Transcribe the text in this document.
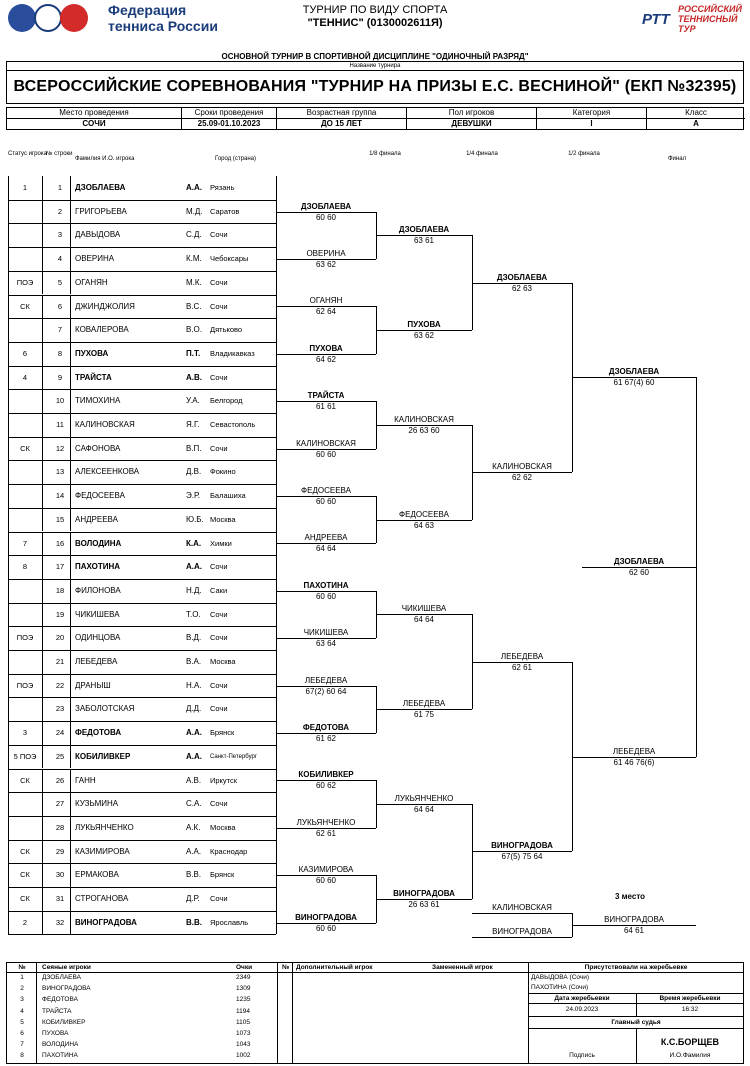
Федерация
тенниса России
ТУРНИР ПО ВИДУ СПОРТА
"ТЕННИС" (0130002611Я)	РТТ
РОССИЙСКИЙ
ТЕННИСНЫЙ
ТУР
ОСНОВНОЙ ТУРНИР В СПОРТИВНОЙ ДИСЦИПЛИНЕ "ОДИНОЧНЫЙ РАЗРЯД"
Название турнира
ВСЕРОССИЙСКИЕ СОРЕВНОВАНИЯ "ТУРНИР НА ПРИЗЫ Е.С. ВЕСНИНОЙ" (ЕКП №32395)
Место проведения
СОЧИ
Сроки проведения
25.09-01.10.2023
Возрастная группа
ДО 15 ЛЕТ
Пол игроков
ДЕВУШКИ
Категория
I
Класс
А
Статус игрока № строки
Фамилия И.О. игрока	Город (страна)
1/8 финала	1/4 финала	1/2 финала
Финал
1	1	ДЗОБЛАЕВА	А.А. Рязань
2	ГРИГОРЬЕВА	М.Д. Саратов
3	ДАВЫДОВА	С.Д. Сочи
4	ОВЕРИНА	К.М. Чебоксары
ПОЭ	5	ОГАНЯН	М.К. Сочи
СК	6	ДЖИНДЖОЛИЯ	В.С. Сочи
7	КОВАЛЕРОВА	В.О. Дятьково
6	8	ПУХОВА	П.Т. Владикавказ
4	9	ТРАЙСТА	А.В. Сочи
10	ТИМОХИНА	У.А. Белгород
11	КАЛИНОВСКАЯ	Я.Г. Севастополь
СК	12	САФОНОВА	В.П. Сочи
13	АЛЕКСЕЕНКОВА	Д.В. Фокино
14	ФЕДОСЕЕВА	Э.Р. Балашиха
15	АНДРЕЕВА	Ю.Б. Москва
7	16	ВОЛОДИНА	К.А. Химки
8	17	ПАХОТИНА	А.А. Сочи
18	ФИЛОНОВА	Н.Д. Саки
19	ЧИКИШЕВА	Т.О. Сочи
ПОЭ	20	ОДИНЦОВА	В.Д. Сочи
21	ЛЕБЕДЕВА	В.А. Москва
ПОЭ	22	ДРАНЫШ	Н.А. Сочи
23	ЗАБОЛОТСКАЯ	Д.Д. Сочи
3	24	ФЕДОТОВА	А.А. Брянск
5 ПОЭ	25	КОБИЛИВКЕР	А.А. Санкт-Петербург
СК	26	ГАНН	А.В. Иркутск
27	КУЗЬМИНА	С.А. Сочи
28	ЛУКЬЯНЧЕНКО	А.К. Москва
СК	29	КАЗИМИРОВА	А.А. Краснодар
СК	30	ЕРМАКОВА	В.В. Брянск
СК	31	СТРОГАНОВА	Д.Р. Сочи
2	32	ВИНОГРАДОВА	В.В. Ярославль
ДЗОБЛАЕВА
60 60
ОВЕРИНА
63 62
ОГАНЯН
62 64
ПУХОВА
64 62
ТРАЙСТА
61 61
КАЛИНОВСКАЯ
60 60
ФЕДОСЕЕВА
60 60
АНДРЕЕВА
64 64
ПАХОТИНА
60 60
ЧИКИШЕВА
63 64
ЛЕБЕДЕВА
67(2) 60 64
ФЕДОТОВА
61 62
КОБИЛИВКЕР
60 62
ЛУКЬЯНЧЕНКО
62 61
КАЗИМИРОВА
60 60
ВИНОГРАДОВА
60 60
ДЗОБЛАЕВА
63 61
ПУХОВА
63 62
КАЛИНОВСКАЯ
26 63 60
ФЕДОСЕЕВА
64 63
ЧИКИШЕВА
64 64
ЛЕБЕДЕВА
61 75
ЛУКЬЯНЧЕНКО
64 64
ВИНОГРАДОВА
26 63 61
ДЗОБЛАЕВА
62 63
КАЛИНОВСКАЯ
62 62
ЛЕБЕДЕВА
62 61
ВИНОГРАДОВА
67(5) 75 64
ДЗОБЛАЕВА
61 67(4) 60
ЛЕБЕДЕВА
61 46 76(6)
ДЗОБЛАЕВА
62 60
3 место
КАЛИНОВСКАЯ
ВИНОГРАДОВА
ВИНОГРАДОВА
64 61
№	Сеяные игроки	Очки
1	ДЗОБЛАЕВА	2349
2	ВИНОГРАДОВА	1309
3	ФЕДОТОВА	1235
4	ТРАЙСТА	1194
5	КОБИЛИВКЕР	1105
6	ПУХОВА	1073
7	ВОЛОДИНА	1043
8	ПАХОТИНА	1002
№ Дополнительный игрок	Замененный игрок	Присутствовали на жеребьевке
ДАВЫДОВА (Сочи)
ПАХОТИНА (Сочи)
Дата жеребьевки	Время жеребьевки
24.09.2023	16:32
Главный судья
К.С.БОРЩЕВ
Подпись	И.О.Фамилия
